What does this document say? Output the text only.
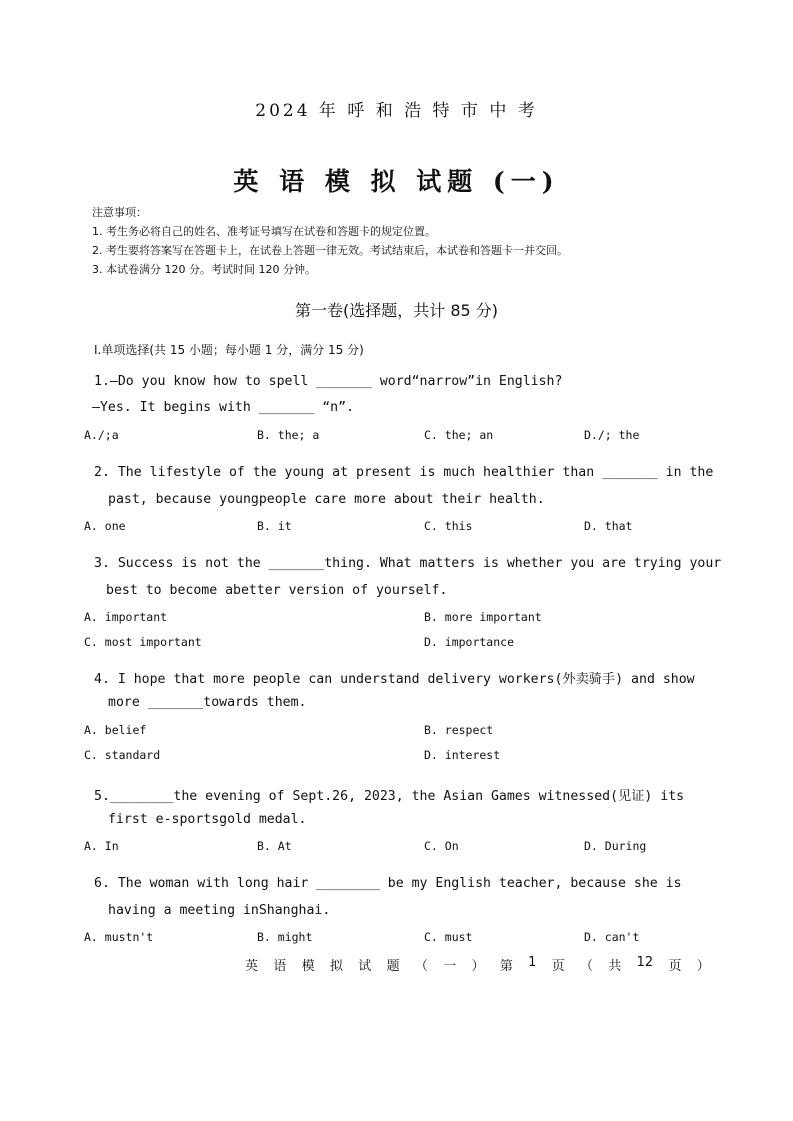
2024 年 呼 和 浩 特 市 中 考
英 语 模 拟 试题 (一)
注意事项：
1. 考生务必将自己的姓名、准考证号填写在试卷和答题卡的规定位置。
2. 考生要将答案写在答题卡上，在试卷上答题一律无效。考试结束后，本试卷和答题卡一并交回。
3. 本试卷满分 120 分。考试时间 120 分钟。
第一卷(选择题，共计 85 分)
Ⅰ.单项选择(共 15 小题；每小题 1 分，满分 15 分)
1.—Do you know how to spell _______ word“narrow”in English?
—Yes. It begins with _______ “n”.
A./;a	B. the; a	C. the; an	D./; the
2. The lifestyle of the young at present is much healthier than _______ in the
past, because youngpeople care more about their health.
A. one	B. it	C. this	D. that
3. Success is not the _______thing. What matters is whether you are trying your
best to become abetter version of yourself.
A. important	B. more important
C. most important	D. importance
4. I hope that more people can understand delivery workers(外卖骑手) and show
more _______towards them.
A. belief	B. respect
C. standard	D. interest
5.________the evening of Sept.26, 2023, the Asian Games witnessed(见证) its
first e-sportsgold medal.
A. In	B. At	C. On	D. During
6. The woman with long hair ________ be my English teacher, because she is
having a meeting inShanghai.
A. mustn't	B. might	C. must	D. can't
英 语 模 拟 试 题 （ 一 ） 第 1 页 （ 共 12 页 ）
